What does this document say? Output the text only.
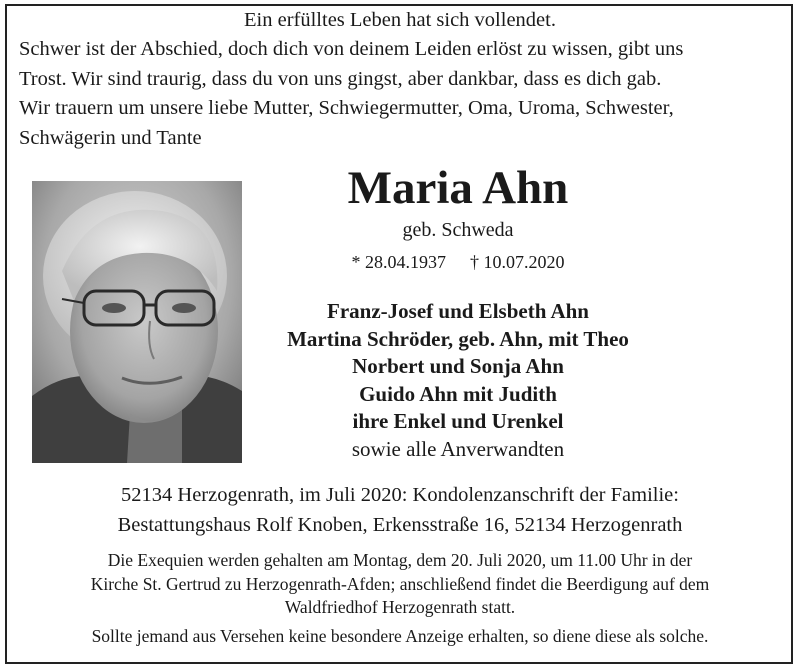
Ein erfülltes Leben hat sich vollendet.
Schwer ist der Abschied, doch dich von deinem Leiden erlöst zu wissen, gibt uns
Trost. Wir sind traurig, dass du von uns gingst, aber dankbar, dass es dich gab.
Wir trauern um unsere liebe Mutter, Schwiegermutter, Oma, Uroma, Schwester,
Schwägerin und Tante
Maria Ahn
geb. Schweda
* 28.04.1937 † 10.07.2020
Franz-Josef und Elsbeth Ahn
Martina Schröder, geb. Ahn, mit Theo
Norbert und Sonja Ahn
Guido Ahn mit Judith
ihre Enkel und Urenkel
sowie alle Anverwandten
52134 Herzogenrath, im Juli 2020: Kondolenzanschrift der Familie:
Bestattungshaus Rolf Knoben, Erkensstraße 16, 52134 Herzogenrath
Die Exequien werden gehalten am Montag, dem 20. Juli 2020, um 11.00 Uhr in der
Kirche St. Gertrud zu Herzogenrath-Afden; anschließend findet die Beerdigung auf dem
Waldfriedhof Herzogenrath statt.
Sollte jemand aus Versehen keine besondere Anzeige erhalten, so diene diese als solche.
